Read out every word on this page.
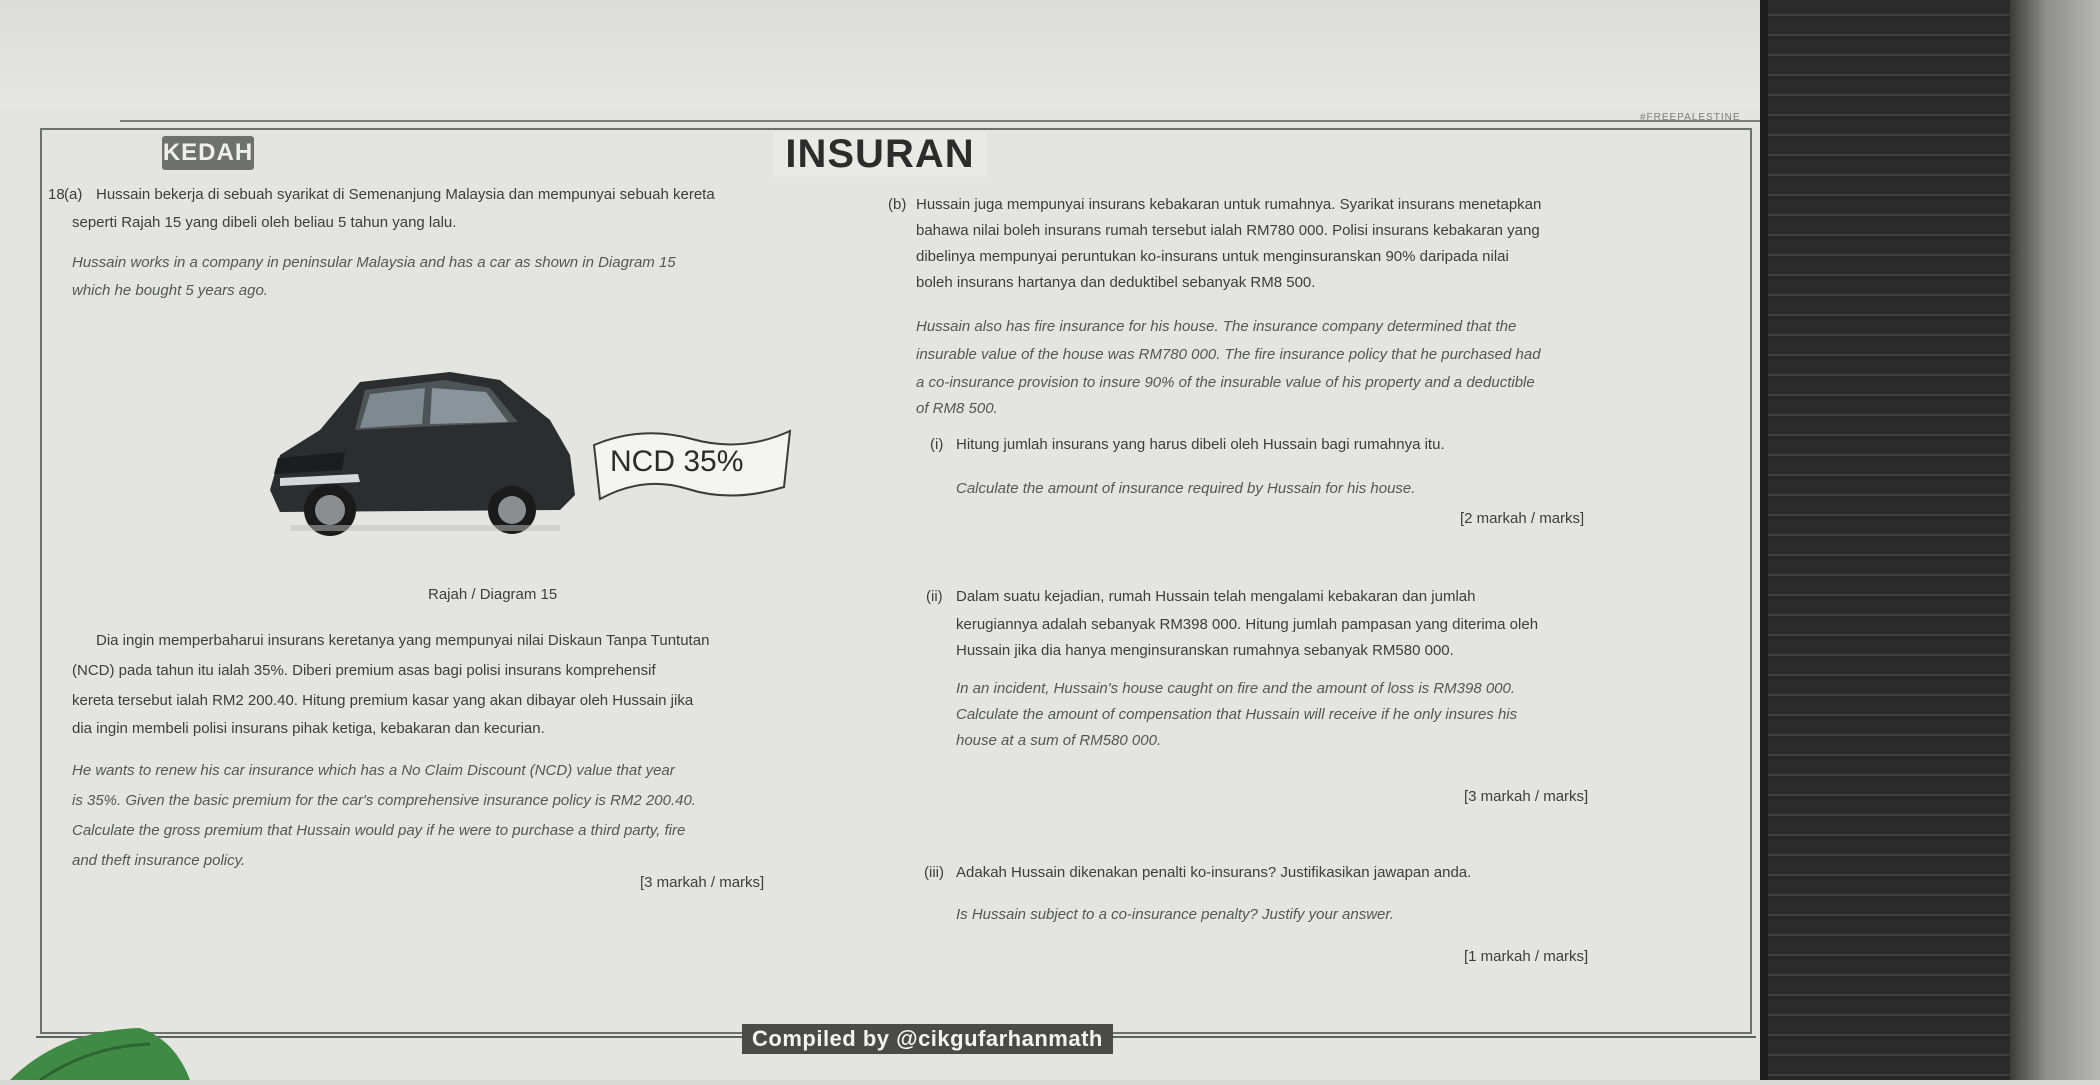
#FREEPALESTINE
KEDAH	INSURAN
18 (a) Hussain bekerja di sebuah syarikat di Semenanjung Malaysia dan mempunyai sebuah kereta
seperti Rajah 15 yang dibeli oleh beliau 5 tahun yang lalu.
Hussain works in a company in peninsular Malaysia and has a car as shown in Diagram 15
which he bought 5 years ago.
NCD 35%
Rajah / Diagram 15
Dia ingin memperbaharui insurans keretanya yang mempunyai nilai Diskaun Tanpa Tuntutan
(NCD) pada tahun itu ialah 35%. Diberi premium asas bagi polisi insurans komprehensif
kereta tersebut ialah RM2 200.40. Hitung premium kasar yang akan dibayar oleh Hussain jika
dia ingin membeli polisi insurans pihak ketiga, kebakaran dan kecurian.
He wants to renew his car insurance which has a No Claim Discount (NCD) value that year
is 35%. Given the basic premium for the car's comprehensive insurance policy is RM2 200.40.
Calculate the gross premium that Hussain would pay if he were to purchase a third party, fire
and theft insurance policy.
[3 markah / marks]
(b) Hussain juga mempunyai insurans kebakaran untuk rumahnya. Syarikat insurans menetapkan
bahawa nilai boleh insurans rumah tersebut ialah RM780 000. Polisi insurans kebakaran yang
dibelinya mempunyai peruntukan ko-insurans untuk menginsuranskan 90% daripada nilai
boleh insurans hartanya dan deduktibel sebanyak RM8 500.
Hussain also has fire insurance for his house. The insurance company determined that the
insurable value of the house was RM780 000. The fire insurance policy that he purchased had
a co-insurance provision to insure 90% of the insurable value of his property and a deductible
of RM8 500.
(i) Hitung jumlah insurans yang harus dibeli oleh Hussain bagi rumahnya itu.
Calculate the amount of insurance required by Hussain for his house.
[2 markah / marks]
(ii) Dalam suatu kejadian, rumah Hussain telah mengalami kebakaran dan jumlah
kerugiannya adalah sebanyak RM398 000. Hitung jumlah pampasan yang diterima oleh
Hussain jika dia hanya menginsuranskan rumahnya sebanyak RM580 000.
In an incident, Hussain's house caught on fire and the amount of loss is RM398 000.
Calculate the amount of compensation that Hussain will receive if he only insures his
house at a sum of RM580 000.
[3 markah / marks]
(iii) Adakah Hussain dikenakan penalti ko-insurans? Justifikasikan jawapan anda.
Is Hussain subject to a co-insurance penalty? Justify your answer.
[1 markah / marks]
Compiled by @cikgufarhanmath
